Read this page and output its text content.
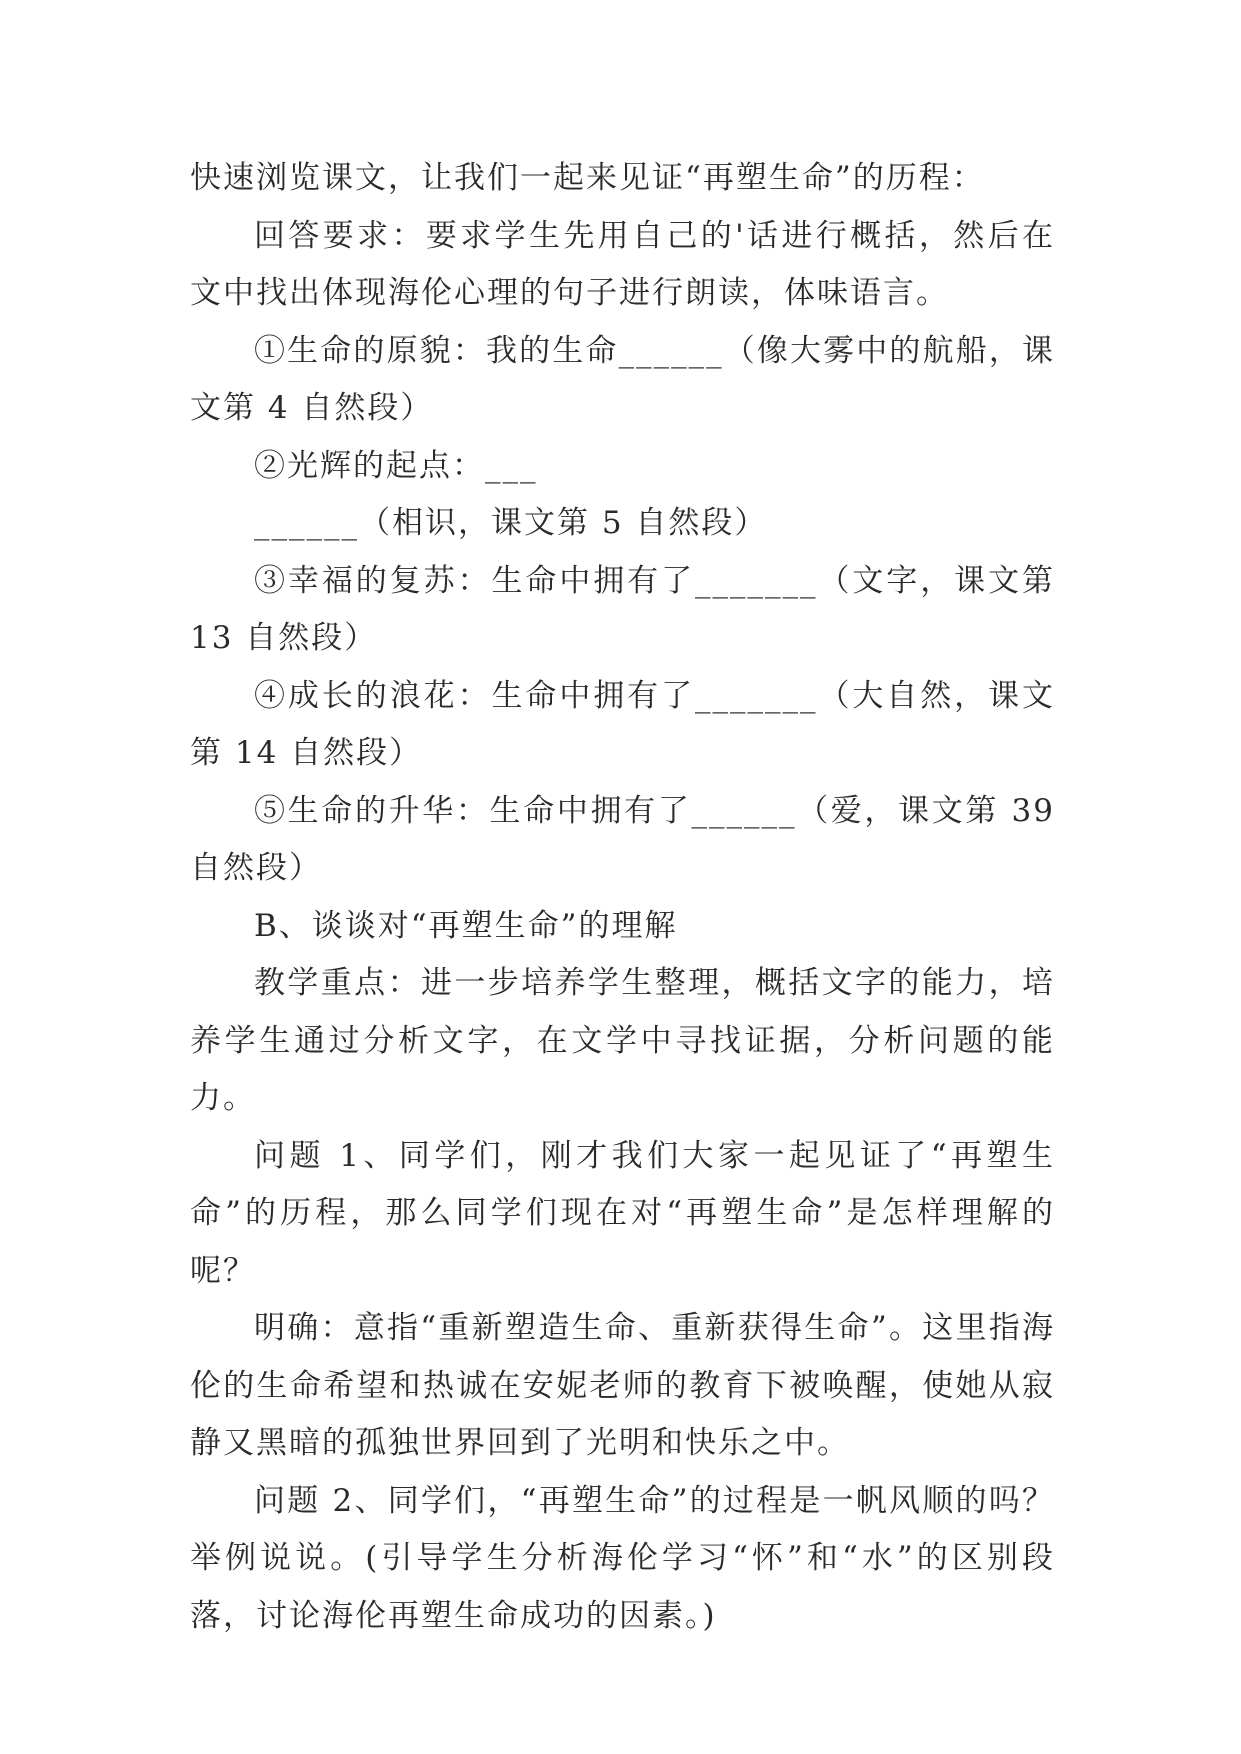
快速浏览课文，让我们一起来见证“再塑生命”的历程：

回答要求：要求学生先用自己的'话进行概括，然后在文中找出体现海伦心理的句子进行朗读，体味语言。

①生命的原貌：我的生命______（像大雾中的航船，课文第 4 自然段）

②光辉的起点：___

______（相识，课文第 5 自然段）

③幸福的复苏：生命中拥有了_______（文字，课文第 13 自然段）

④成长的浪花：生命中拥有了_______（大自然，课文第 14 自然段）

⑤生命的升华：生命中拥有了______（爱，课文第 39 自然段）

B、谈谈对“再塑生命”的理解

教学重点：进一步培养学生整理，概括文字的能力，培养学生通过分析文字，在文学中寻找证据，分析问题的能力。

问题 1、同学们，刚才我们大家一起见证了“再塑生命”的历程，那么同学们现在对“再塑生命”是怎样理解的呢？

明确：意指“重新塑造生命、重新获得生命”。这里指海伦的生命希望和热诚在安妮老师的教育下被唤醒，使她从寂静又黑暗的孤独世界回到了光明和快乐之中。

问题 2、同学们，“再塑生命”的过程是一帆风顺的吗？举例说说。(引导学生分析海伦学习“怀”和“水”的区别段落，讨论海伦再塑生命成功的因素。)
